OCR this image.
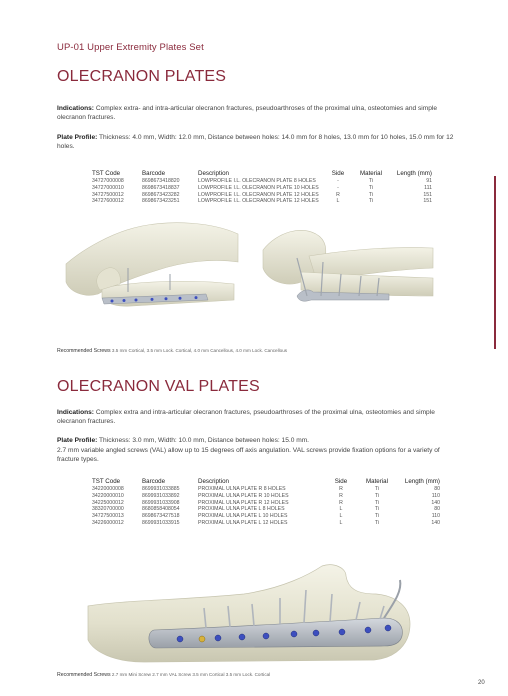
UP-01 Upper Extremity Plates Set
OLECRANON PLATES
Indications: Complex extra- and intra-articular olecranon fractures, pseudoarthroses of the proximal ulna, osteotomies and simple olecranon fractures.
Plate Profile: Thickness: 4.0 mm, Width: 12.0 mm, Distance between holes: 14.0 mm for 8 holes, 13.0 mm for 10 holes, 15.0 mm for 12 holes.
TST Code	Barcode	Description	Side	Material	Length (mm)
34727000008	8698673418820	LOWPROFILE I.L. OLECRANON PLATE 8 HOLES	-	Ti	91
34727000010	8698673418837	LOWPROFILE I.L. OLECRANON PLATE 10 HOLES	-	Ti	111
34727500012	8698673423282	LOWPROFILE I.L. OLECRANON PLATE 12 HOLES	R	Ti	151
34727600012	8698673423251	LOWPROFILE I.L. OLECRANON PLATE 12 HOLES	L	Ti	151
Recommended Screws 3.5 mm Cortical, 3.5 mm Lock. Cortical, 4.0 mm Cancellous, 4.0 mm Lock. Cancellous
OLECRANON VAL PLATES
Indications: Complex extra and intra-articular olecranon fractures, pseudoarthroses of the proximal ulna, osteotomies and simple olecranon fractures.
Plate Profile: Thickness: 3.0 mm, Width: 10.0 mm, Distance between holes: 15.0 mm.
2.7 mm variable angled screws (VAL) allow up to 15 degrees off axis angulation. VAL screws provide fixation options for a variety of fracture types.
TST Code	Barcode	Description	Side	Material	Length (mm)
34220000008	8699931033885	PROXIMAL ULNA PLATE R 8 HOLES	R	Ti	80
34220000010	8699931033892	PROXIMAL ULNA PLATE R 10 HOLES	R	Ti	110
34225000012	8699931033908	PROXIMAL ULNA PLATE R 12 HOLES	R	Ti	140
38320700000	8680858408054	PROXIMAL ULNA PLATE L 8 HOLES	L	Ti	80
34727500013	8698673427518	PROXIMAL ULNA PLATE L 10 HOLES	L	Ti	110
34226000012	8699931033915	PROXIMAL ULNA PLATE L 12 HOLES	L	Ti	140
Recommended Screws 2.7 mm Mini Screw 2.7 mm VAL Screw 3.5 mm Cortical 3.5 mm Lock. Cortical
20
